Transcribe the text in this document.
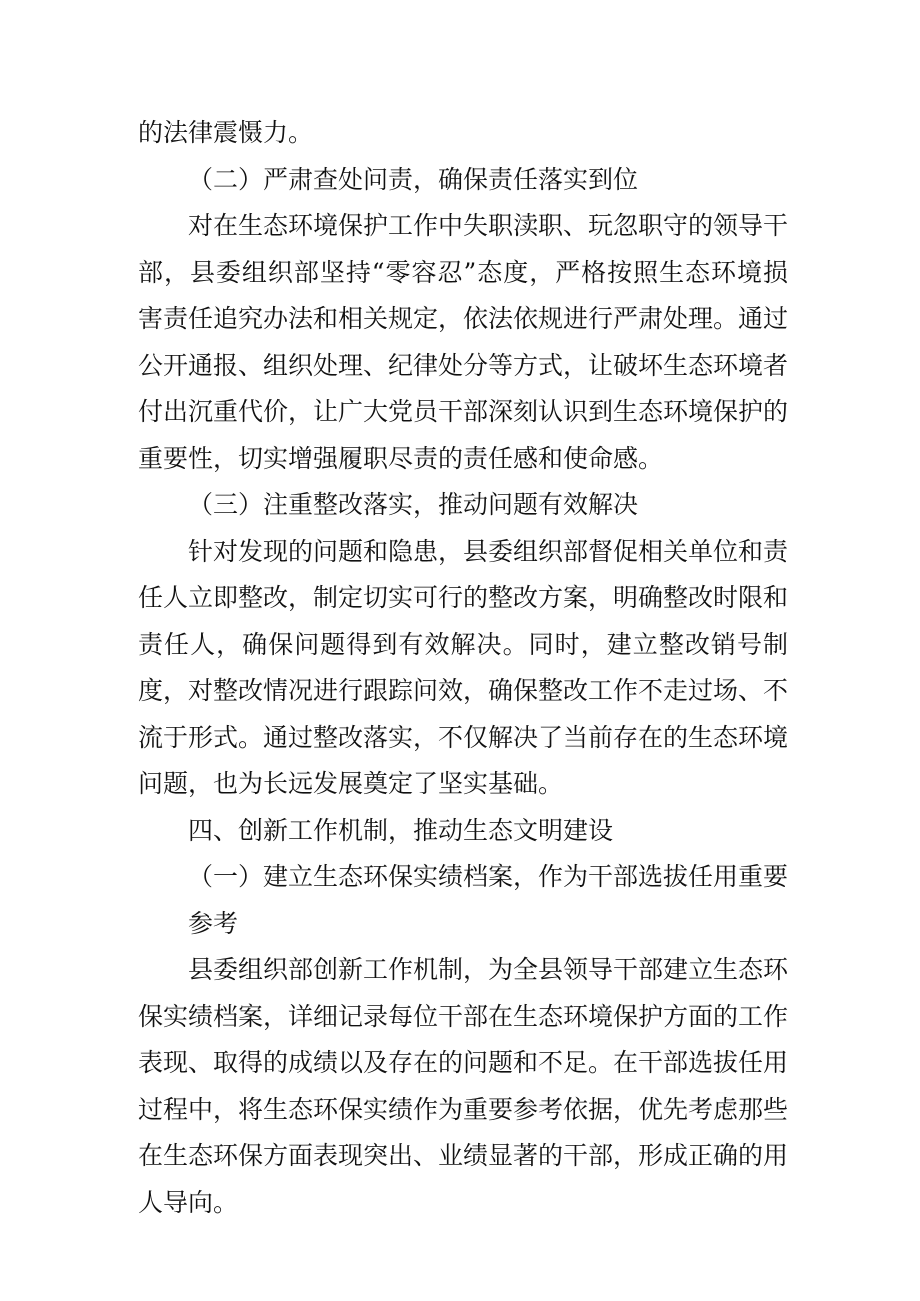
的法律震慑力。

（二）严肃查处问责，确保责任落实到位

对在生态环境保护工作中失职渎职、玩忽职守的领导干部，县委组织部坚持“零容忍”态度，严格按照生态环境损害责任追究办法和相关规定，依法依规进行严肃处理。通过公开通报、组织处理、纪律处分等方式，让破坏生态环境者付出沉重代价，让广大党员干部深刻认识到生态环境保护的重要性，切实增强履职尽责的责任感和使命感。

（三）注重整改落实，推动问题有效解决

针对发现的问题和隐患，县委组织部督促相关单位和责任人立即整改，制定切实可行的整改方案，明确整改时限和责任人，确保问题得到有效解决。同时，建立整改销号制度，对整改情况进行跟踪问效，确保整改工作不走过场、不流于形式。通过整改落实，不仅解决了当前存在的生态环境问题，也为长远发展奠定了坚实基础。

四、创新工作机制，推动生态文明建设

（一）建立生态环保实绩档案，作为干部选拔任用重要参考

县委组织部创新工作机制，为全县领导干部建立生态环保实绩档案，详细记录每位干部在生态环境保护方面的工作表现、取得的成绩以及存在的问题和不足。在干部选拔任用过程中，将生态环保实绩作为重要参考依据，优先考虑那些在生态环保方面表现突出、业绩显著的干部，形成正确的用人导向。
